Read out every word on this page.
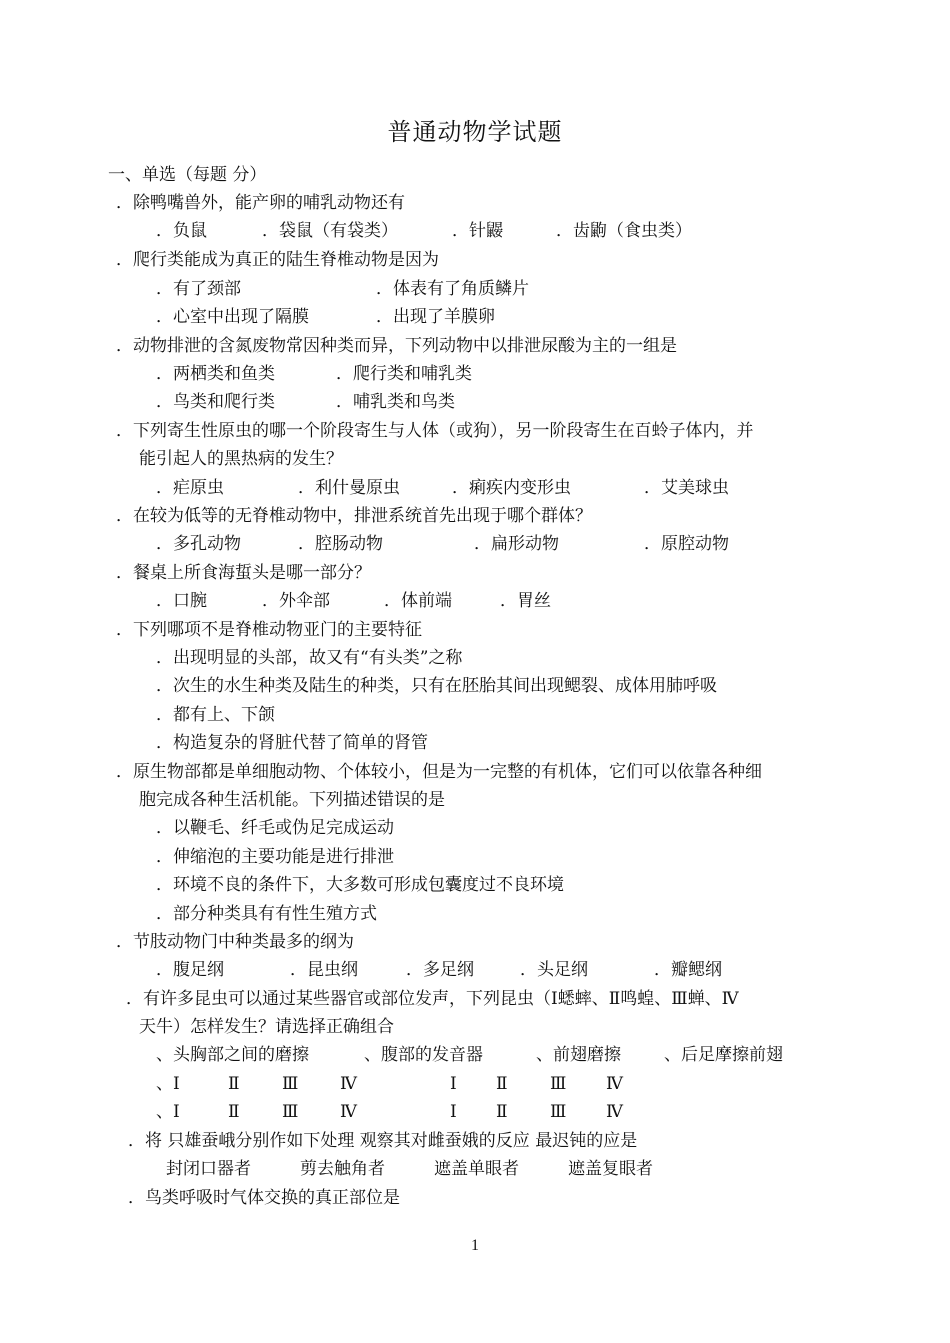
普通动物学试题
一、单选（每题 分）
．除鸭嘴兽外，能产卵的哺乳动物还有
．负鼠	．袋鼠（有袋类）	．针鼹	．齿鼩（食虫类）
．爬行类能成为真正的陆生脊椎动物是因为
．有了颈部	．体表有了角质鳞片
．心室中出现了隔膜	．出现了羊膜卵
．动物排泄的含氮废物常因种类而异，下列动物中以排泄尿酸为主的一组是
．两栖类和鱼类	．爬行类和哺乳类
．鸟类和爬行类	．哺乳类和鸟类
．下列寄生性原虫的哪一个阶段寄生与人体（或狗），另一阶段寄生在百蛉子体内，并
能引起人的黑热病的发生？
．疟原虫	．利什曼原虫	．痢疾内变形虫	．艾美球虫
．在较为低等的无脊椎动物中，排泄系统首先出现于哪个群体？
．多孔动物	．腔肠动物	．扁形动物	．原腔动物
．餐桌上所食海蜇头是哪一部分？
．口腕	．外伞部	．体前端	．胃丝
．下列哪项不是脊椎动物亚门的主要特征
．出现明显的头部，故又有“有头类”之称
．次生的水生种类及陆生的种类，只有在胚胎其间出现鳃裂、成体用肺呼吸
．都有上、下颌
．构造复杂的肾脏代替了简单的肾管
．原生物部都是单细胞动物、个体较小，但是为一完整的有机体，它们可以依靠各种细
胞完成各种生活机能。下列描述错误的是
．以鞭毛、纤毛或伪足完成运动
．伸缩泡的主要功能是进行排泄
．环境不良的条件下，大多数可形成包囊度过不良环境
．部分种类具有有性生殖方式
．节肢动物门中种类最多的纲为
．腹足纲	．昆虫纲	．多足纲	．头足纲	．瓣鳃纲
．有许多昆虫可以通过某些器官或部位发声，下列昆虫（Ⅰ蟋蟀、Ⅱ鸣蝗、Ⅲ蝉、Ⅳ
天牛）怎样发生？请选择正确组合
、头胸部之间的磨擦	、腹部的发音器	、前翅磨擦	、后足摩擦前翅
、Ⅰ	Ⅱ Ⅲ Ⅳ	Ⅰ Ⅱ Ⅲ Ⅳ
、Ⅰ	Ⅱ Ⅲ Ⅳ	Ⅰ Ⅱ Ⅲ Ⅳ
．将 只雄蚕峨分别作如下处理 观察其对雌蚕娥的反应 最迟钝的应是
封闭口器者	剪去触角者	遮盖单眼者	遮盖复眼者
．鸟类呼吸时气体交换的真正部位是
1
